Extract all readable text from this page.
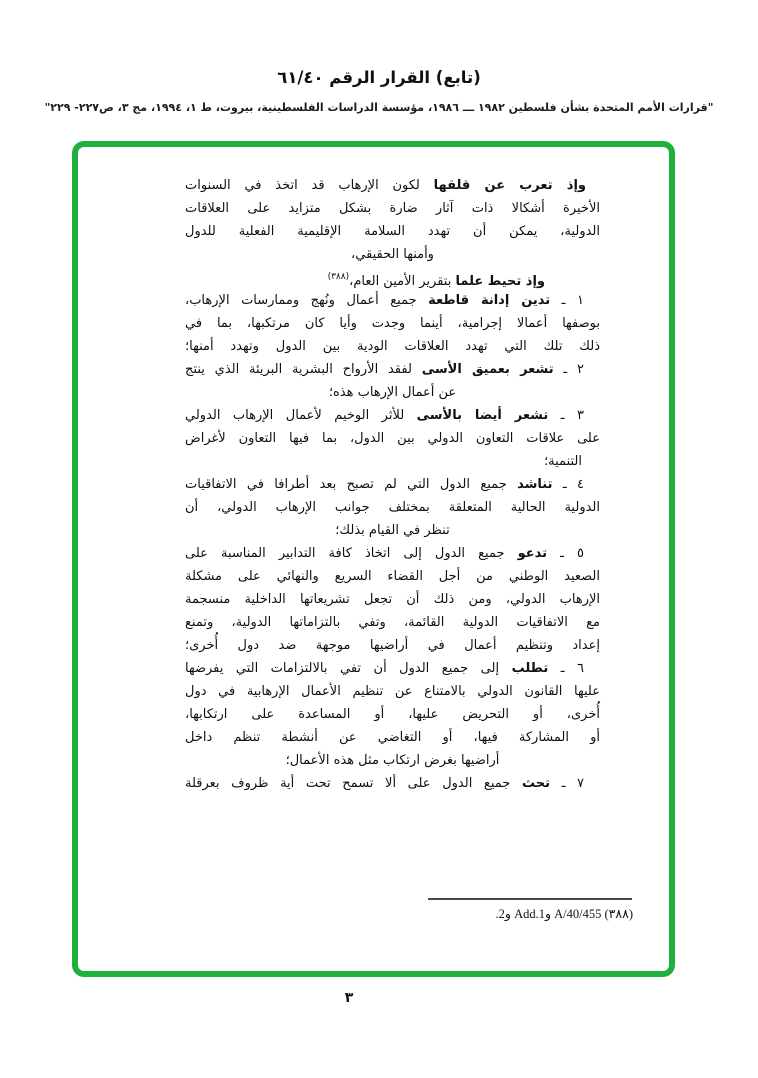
(تابع) القرار الرقم ٦١/٤٠
"قرارات الأمم المتحدة بشأن فلسطين ١٩٨٢ ـــ ١٩٨٦، مؤسسة الدراسات الفلسطينية، بيروت، ط ١، ١٩٩٤، مج ٣، ص٢٢٧- ٢٢٩"
وإذ تعرب عن قلقها لكون الإرهاب قد اتخذ في السنوات
الأخيرة أشكالا ذات آثار ضارة بشكل متزايد على العلاقات
الدولية، يمكن أن تهدد السلامة الإقليمية الفعلية للدول
وأمنها الحقيقي،
وإذ تحيط علما بتقرير الأمين العام،$^{(٣٨٨)}$
١ ـ تدين إدانة قاطعة جميع أعمال ونُهج وممارسات الإرهاب،
بوصفها أعمالا إجرامية، أينما وجدت وأيا كان مرتكبها، بما في
ذلك تلك التي تهدد العلاقات الودية بين الدول وتهدد أمنها؛
٢ ـ تشعر بعميق الأسى لفقد الأرواح البشرية البريئة الذي ينتج
عن أعمال الإرهاب هذه؛
٣ ـ تشعر أيضا بالأسى للأثر الوخيم لأعمال الإرهاب الدولي
على علاقات التعاون الدولي بين الدول، بما فيها التعاون لأغراض
التنمية؛
٤ ـ تناشد جميع الدول التي لم تصبح بعد أطرافا في الاتفاقيات
الدولية الحالية المتعلقة بمختلف جوانب الإرهاب الدولي، أن
تنظر في القيام بذلك؛
٥ ـ تدعو جميع الدول إلى اتخاذ كافة التدابير المناسبة على
الصعيد الوطني من أجل القضاء السريع والنهائي على مشكلة
الإرهاب الدولي، ومن ذلك أن تجعل تشريعاتها الداخلية منسجمة
مع الاتفاقيات الدولية القائمة، وتفي بالتزاماتها الدولية، وتمنع
إعداد وتنظيم أعمال في أراضيها موجهة ضد دول أُخرى؛
٦ ـ تطلب إلى جميع الدول أن تفي بالالتزامات التي يفرضها
عليها القانون الدولي بالامتناع عن تنظيم الأعمال الإرهابية في دول
أُخرى، أو التحريض عليها، أو المساعدة على ارتكابها،
أو المشاركة فيها، أو التغاضي عن أنشطة تنظم داخل
أراضيها بغرض ارتكاب مثل هذه الأعمال؛
٧ ـ تحث جميع الدول على ألا تسمح تحت أية ظروف بعرقلة
(٣٨٨) A/40/455 وAdd.1 و2.
٣
